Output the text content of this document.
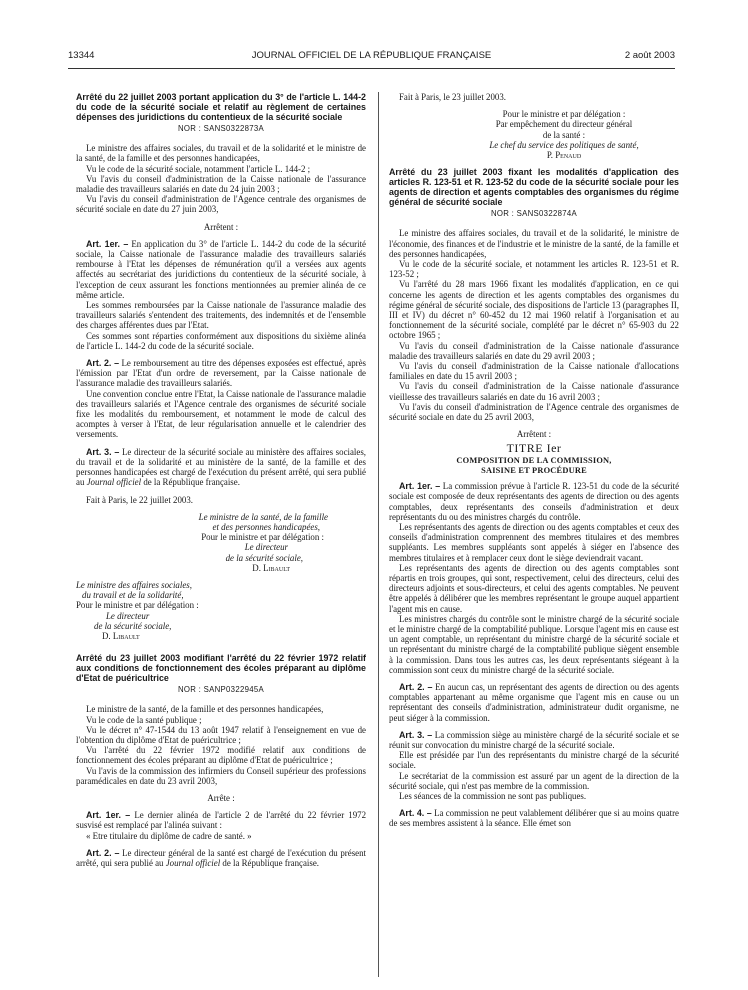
13344	JOURNAL OFFICIEL DE LA RÉPUBLIQUE FRANÇAISE	2 août 2003
Arrêté du 22 juillet 2003 portant application du 3° de l'article L. 144-2 du code de la sécurité sociale et relatif au règlement de certaines dépenses des juridictions du contentieux de la sécurité sociale
NOR : SANS0322873A

Le ministre des affaires sociales, du travail et de la solidarité et le ministre de la santé, de la famille et des personnes handicapées,

Vu le code de la sécurité sociale, notamment l'article L. 144-2 ;

Vu l'avis du conseil d'administration de la Caisse nationale de l'assurance maladie des travailleurs salariés en date du 24 juin 2003 ;

Vu l'avis du conseil d'administration de l'Agence centrale des organismes de sécurité sociale en date du 27 juin 2003,

Arrêtent :

Art. 1er. – En application du 3° de l'article L. 144-2 du code de la sécurité sociale, la Caisse nationale de l'assurance maladie des travailleurs salariés rembourse à l'Etat les dépenses de rémunération qu'il a versées aux agents affectés au secrétariat des juridictions du contentieux de la sécurité sociale, à l'exception de ceux assurant les fonctions mentionnées au premier alinéa de ce même article.

Les sommes remboursées par la Caisse nationale de l'assurance maladie des travailleurs salariés s'entendent des traitements, des indemnités et de l'ensemble des charges afférentes dues par l'Etat.

Ces sommes sont réparties conformément aux dispositions du sixième alinéa de l'article L. 144-2 du code de la sécurité sociale.

Art. 2. – Le remboursement au titre des dépenses exposées est effectué, après l'émission par l'Etat d'un ordre de reversement, par la Caisse nationale de l'assurance maladie des travailleurs salariés.

Une convention conclue entre l'Etat, la Caisse nationale de l'assurance maladie des travailleurs salariés et l'Agence centrale des organismes de sécurité sociale fixe les modalités du remboursement, et notamment le mode de calcul des acomptes à verser à l'Etat, de leur régularisation annuelle et le calendrier des versements.

Art. 3. – Le directeur de la sécurité sociale au ministère des affaires sociales, du travail et de la solidarité et au ministère de la santé, de la famille et des personnes handicapées est chargé de l'exécution du présent arrêté, qui sera publié au Journal officiel de la République française.

Fait à Paris, le 22 juillet 2003.

Le ministre de la santé, de la famille
et des personnes handicapées,
Pour le ministre et par délégation :
Le directeur
de la sécurité sociale,
D. Libault
Le ministre des affaires sociales,
du travail et de la solidarité,
Pour le ministre et par délégation :
Le directeur
de la sécurité sociale,
D. Libault
Arrêté du 23 juillet 2003 modifiant l'arrêté du 22 février 1972 relatif aux conditions de fonctionnement des écoles préparant au diplôme d'Etat de puéricultrice
NOR : SANP0322945A

Le ministre de la santé, de la famille et des personnes handicapées,

Vu le code de la santé publique ;

Vu le décret n° 47-1544 du 13 août 1947 relatif à l'enseignement en vue de l'obtention du diplôme d'Etat de puéricultrice ;

Vu l'arrêté du 22 février 1972 modifié relatif aux conditions de fonctionnement des écoles préparant au diplôme d'Etat de puéricultrice ;

Vu l'avis de la commission des infirmiers du Conseil supérieur des professions paramédicales en date du 23 avril 2003,

Arrête :

Art. 1er. – Le dernier alinéa de l'article 2 de l'arrêté du 22 février 1972 susvisé est remplacé par l'alinéa suivant :

« Etre titulaire du diplôme de cadre de santé. »

Art. 2. – Le directeur général de la santé est chargé de l'exécution du présent arrêté, qui sera publié au Journal officiel de la République française.

Fait à Paris, le 23 juillet 2003.

Pour le ministre et par délégation :
Par empêchement du directeur général
de la santé :
Le chef du service des politiques de santé,
P. Penaud
Arrêté du 23 juillet 2003 fixant les modalités d'application des articles R. 123-51 et R. 123-52 du code de la sécurité sociale pour les agents de direction et agents comptables des organismes du régime général de sécurité sociale
NOR : SANS0322874A

Le ministre des affaires sociales, du travail et de la solidarité, le ministre de l'économie, des finances et de l'industrie et le ministre de la santé, de la famille et des personnes handicapées,

Vu le code de la sécurité sociale, et notamment les articles R. 123-51 et R. 123-52 ;

Vu l'arrêté du 28 mars 1966 fixant les modalités d'application, en ce qui concerne les agents de direction et les agents comptables des organismes du régime général de sécurité sociale, des dispositions de l'article 13 (paragraphes II, III et IV) du décret n° 60-452 du 12 mai 1960 relatif à l'organisation et au fonctionnement de la sécurité sociale, complété par le décret n° 65-903 du 22 octobre 1965 ;

Vu l'avis du conseil d'administration de la Caisse nationale d'assurance maladie des travailleurs salariés en date du 29 avril 2003 ;

Vu l'avis du conseil d'administration de la Caisse nationale d'allocations familiales en date du 15 avril 2003 ;

Vu l'avis du conseil d'administration de la Caisse nationale d'assurance vieillesse des travailleurs salariés en date du 16 avril 2003 ;

Vu l'avis du conseil d'administration de l'Agence centrale des organismes de sécurité sociale en date du 25 avril 2003,

Arrêtent :

TITRE Ier
COMPOSITION DE LA COMMISSION,
SAISINE ET PROCÉDURE

Art. 1er. – La commission prévue à l'article R. 123-51 du code de la sécurité sociale est composée de deux représentants des agents de direction ou des agents comptables, deux représentants des conseils d'administration et deux représentants du ou des ministres chargés du contrôle.

Les représentants des agents de direction ou des agents comptables et ceux des conseils d'administration comprennent des membres titulaires et des membres suppléants. Les membres suppléants sont appelés à siéger en l'absence des membres titulaires et à remplacer ceux dont le siège deviendrait vacant.

Les représentants des agents de direction ou des agents comptables sont répartis en trois groupes, qui sont, respectivement, celui des directeurs, celui des directeurs adjoints et sous-directeurs, et celui des agents comptables. Ne peuvent être appelés à délibérer que les membres représentant le groupe auquel appartient l'agent mis en cause.

Les ministres chargés du contrôle sont le ministre chargé de la sécurité sociale et le ministre chargé de la comptabilité publique. Lorsque l'agent mis en cause est un agent comptable, un représentant du ministre chargé de la sécurité sociale et un représentant du ministre chargé de la comptabilité publique siègent ensemble à la commission. Dans tous les autres cas, les deux représentants siégeant à la commission sont ceux du ministre chargé de la sécurité sociale.

Art. 2. – En aucun cas, un représentant des agents de direction ou des agents comptables appartenant au même organisme que l'agent mis en cause ou un représentant des conseils d'administration, administrateur dudit organisme, ne peut siéger à la commission.

Art. 3. – La commission siège au ministère chargé de la sécurité sociale et se réunit sur convocation du ministre chargé de la sécurité sociale.

Elle est présidée par l'un des représentants du ministre chargé de la sécurité sociale.

Le secrétariat de la commission est assuré par un agent de la direction de la sécurité sociale, qui n'est pas membre de la commission.

Les séances de la commission ne sont pas publiques.

Art. 4. – La commission ne peut valablement délibérer que si au moins quatre de ses membres assistent à la séance. Elle émet son
